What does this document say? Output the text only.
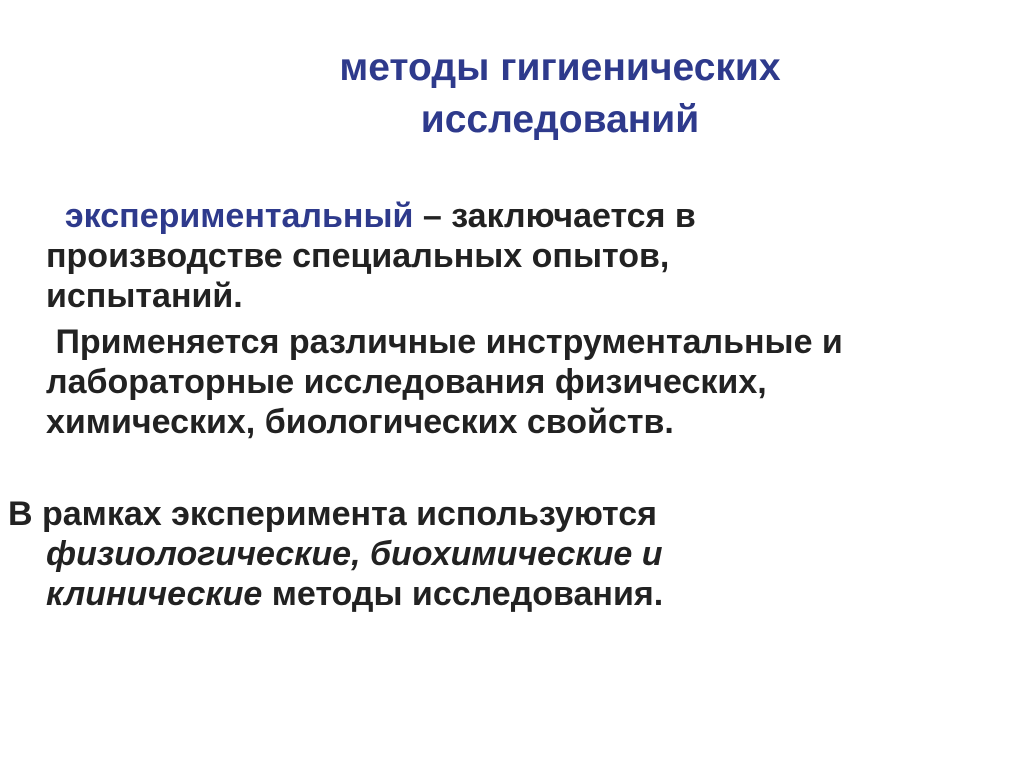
методы гигиенических
исследований

экспериментальный – заключается в
производстве специальных опытов,
испытаний.

Применяется различные инструментальные и
лабораторные исследования физических,
химических, биологических свойств.

В рамках эксперимента используются
физиологические, биохимические и
клинические методы исследования.
